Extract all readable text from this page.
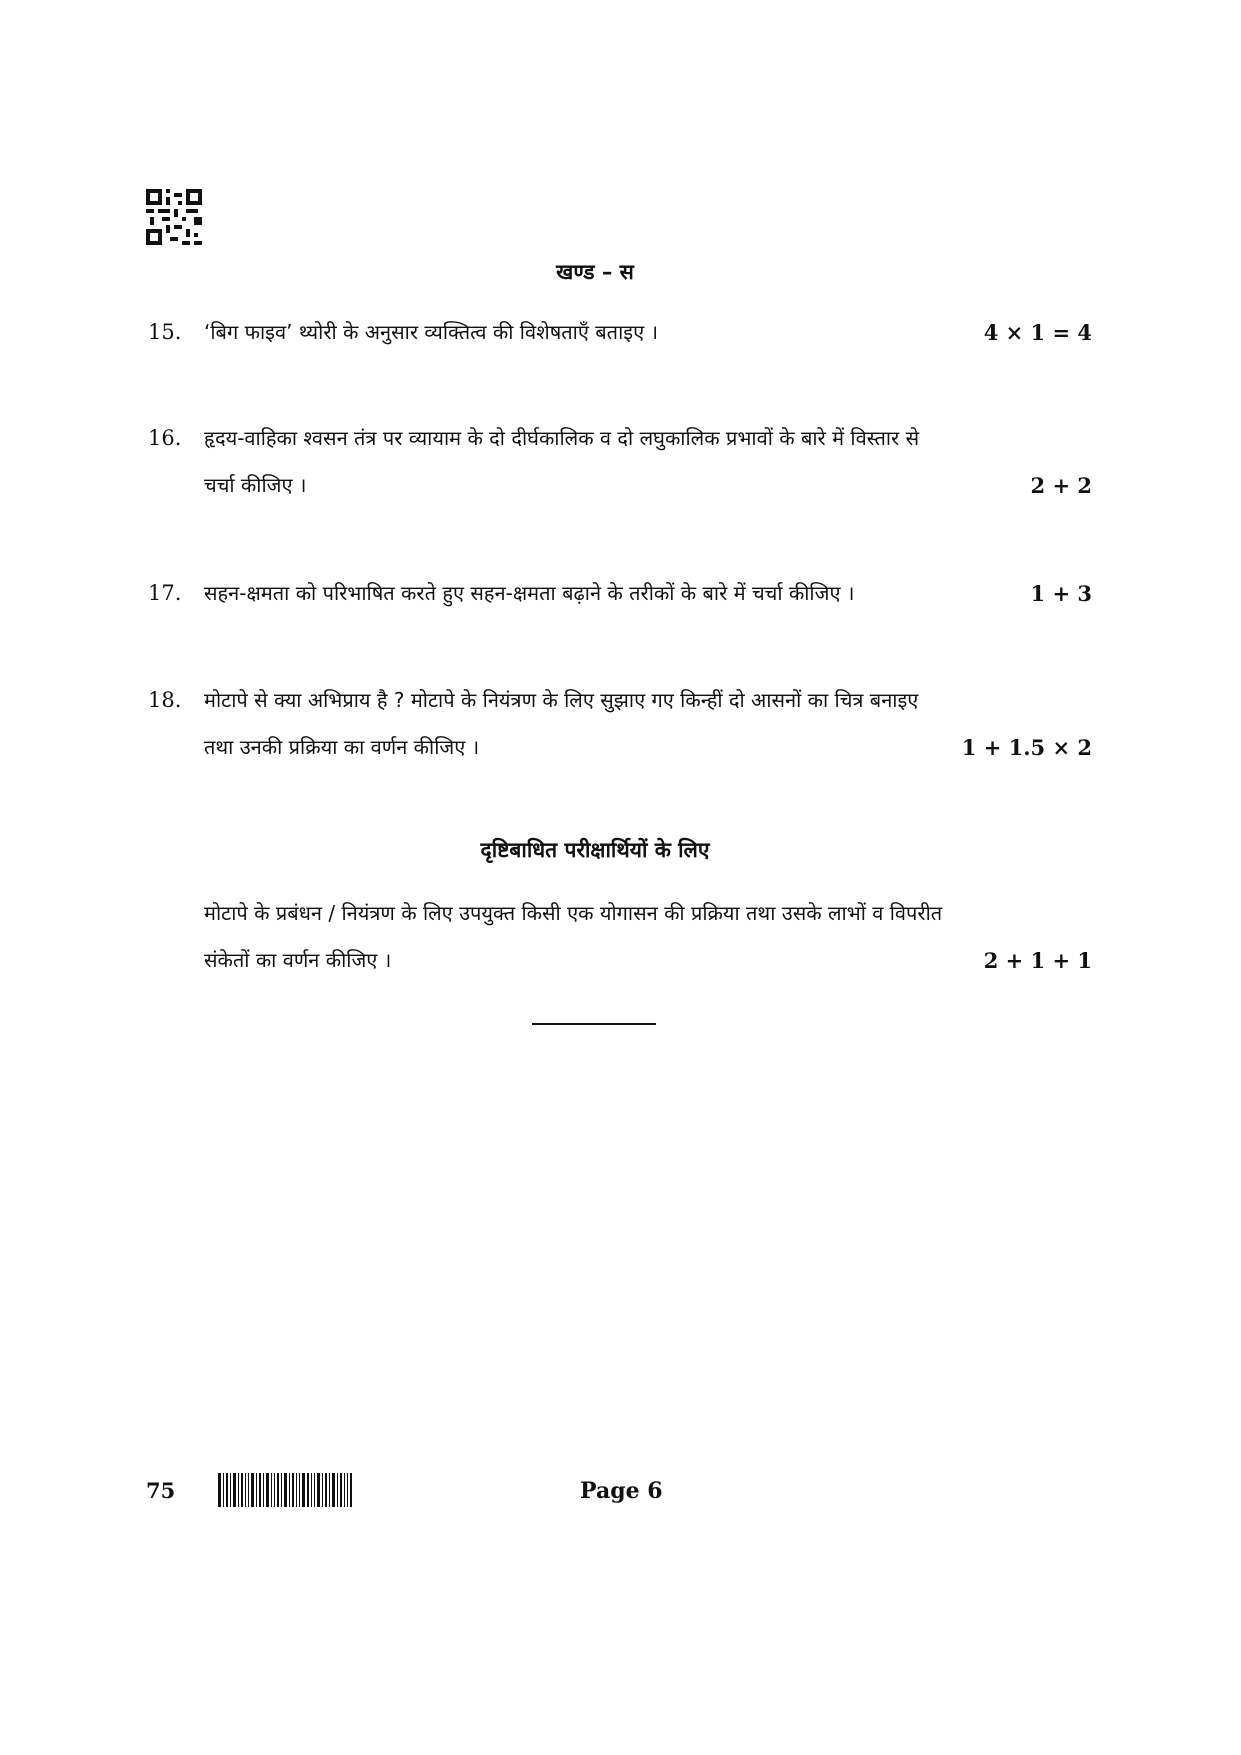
खण्ड – स
15. ‘बिग फाइव’ थ्योरी के अनुसार व्यक्तित्व की विशेषताएँ बताइए ।	4 × 1 = 4
16. हृदय-वाहिका श्वसन तंत्र पर व्यायाम के दो दीर्घकालिक व दो लघुकालिक प्रभावों के बारे में विस्तार से
चर्चा कीजिए ।	2 + 2
17. सहन-क्षमता को परिभाषित करते हुए सहन-क्षमता बढ़ाने के तरीकों के बारे में चर्चा कीजिए ।	1 + 3
18. मोटापे से क्या अभिप्राय है ? मोटापे के नियंत्रण के लिए सुझाए गए किन्हीं दो आसनों का चित्र बनाइए
तथा उनकी प्रक्रिया का वर्णन कीजिए ।	1 + 1.5 × 2
दृष्टिबाधित परीक्षार्थियों के लिए
मोटापे के प्रबंधन / नियंत्रण के लिए उपयुक्त किसी एक योगासन की प्रक्रिया तथा उसके लाभों व विपरीत
संकेतों का वर्णन कीजिए ।	2 + 1 + 1
75	Page 6
